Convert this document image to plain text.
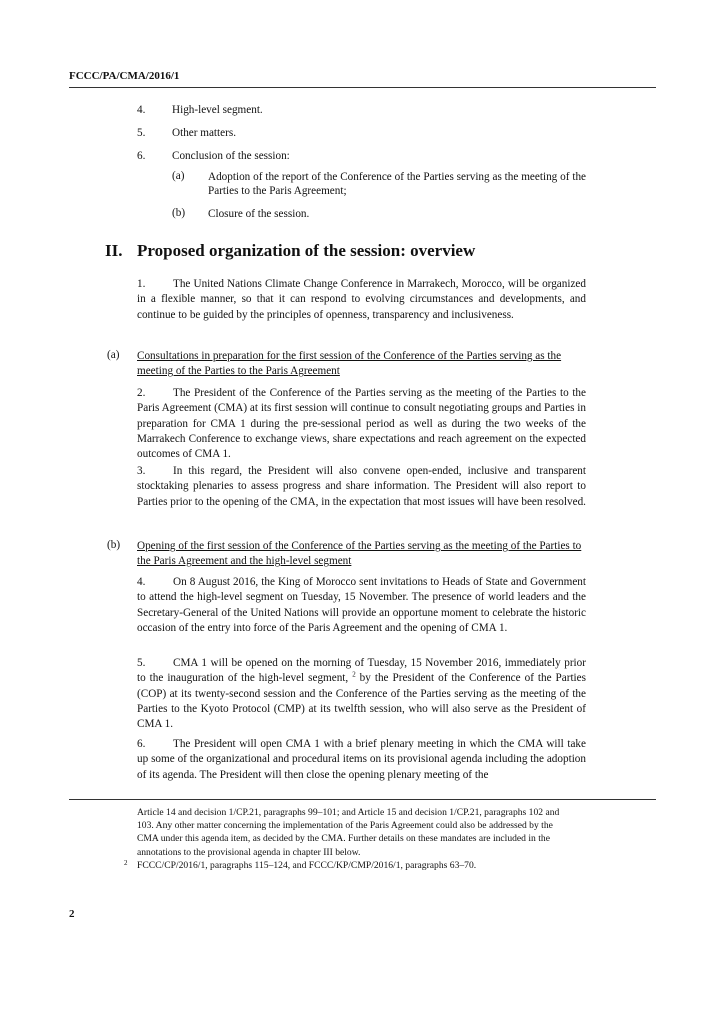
FCCC/PA/CMA/2016/1
4.	High-level segment.
5.	Other matters.
6.	Conclusion of the session:
(a)	Adoption of the report of the Conference of the Parties serving as the meeting of the Parties to the Paris Agreement;
(b)	Closure of the session.
II. Proposed organization of the session: overview
1. The United Nations Climate Change Conference in Marrakech, Morocco, will be organized in a flexible manner, so that it can respond to evolving circumstances and developments, and continue to be guided by the principles of openness, transparency and inclusiveness.
(a) Consultations in preparation for the first session of the Conference of the Parties serving as the meeting of the Parties to the Paris Agreement
2. The President of the Conference of the Parties serving as the meeting of the Parties to the Paris Agreement (CMA) at its first session will continue to consult negotiating groups and Parties in preparation for CMA 1 during the pre-sessional period as well as during the two weeks of the Marrakech Conference to exchange views, share expectations and reach agreement on the expected outcomes of CMA 1.
3. In this regard, the President will also convene open-ended, inclusive and transparent stocktaking plenaries to assess progress and share information. The President will also report to Parties prior to the opening of the CMA, in the expectation that most issues will have been resolved.
(b) Opening of the first session of the Conference of the Parties serving as the meeting of the Parties to the Paris Agreement and the high-level segment
4. On 8 August 2016, the King of Morocco sent invitations to Heads of State and Government to attend the high-level segment on Tuesday, 15 November. The presence of world leaders and the Secretary-General of the United Nations will provide an opportune moment to celebrate the historic occasion of the entry into force of the Paris Agreement and the opening of CMA 1.
5. CMA 1 will be opened on the morning of Tuesday, 15 November 2016, immediately prior to the inauguration of the high-level segment, $^2$ by the President of the Conference of the Parties (COP) at its twenty-second session and the Conference of the Parties serving as the meeting of the Parties to the Kyoto Protocol (CMP) at its twelfth session, who will also serve as the President of CMA 1.
6. The President will open CMA 1 with a brief plenary meeting in which the CMA will take up some of the organizational and procedural items on its provisional agenda including the adoption of its agenda. The President will then close the opening plenary meeting of the
Article 14 and decision 1/CP.21, paragraphs 99–101; and Article 15 and decision 1/CP.21, paragraphs 102 and 103. Any other matter concerning the implementation of the Paris Agreement could also be addressed by the CMA under this agenda item, as decided by the CMA. Further details on these mandates are included in the annotations to the provisional agenda in chapter III below.
2 FCCC/CP/2016/1, paragraphs 115–124, and FCCC/KP/CMP/2016/1, paragraphs 63–70.
2
